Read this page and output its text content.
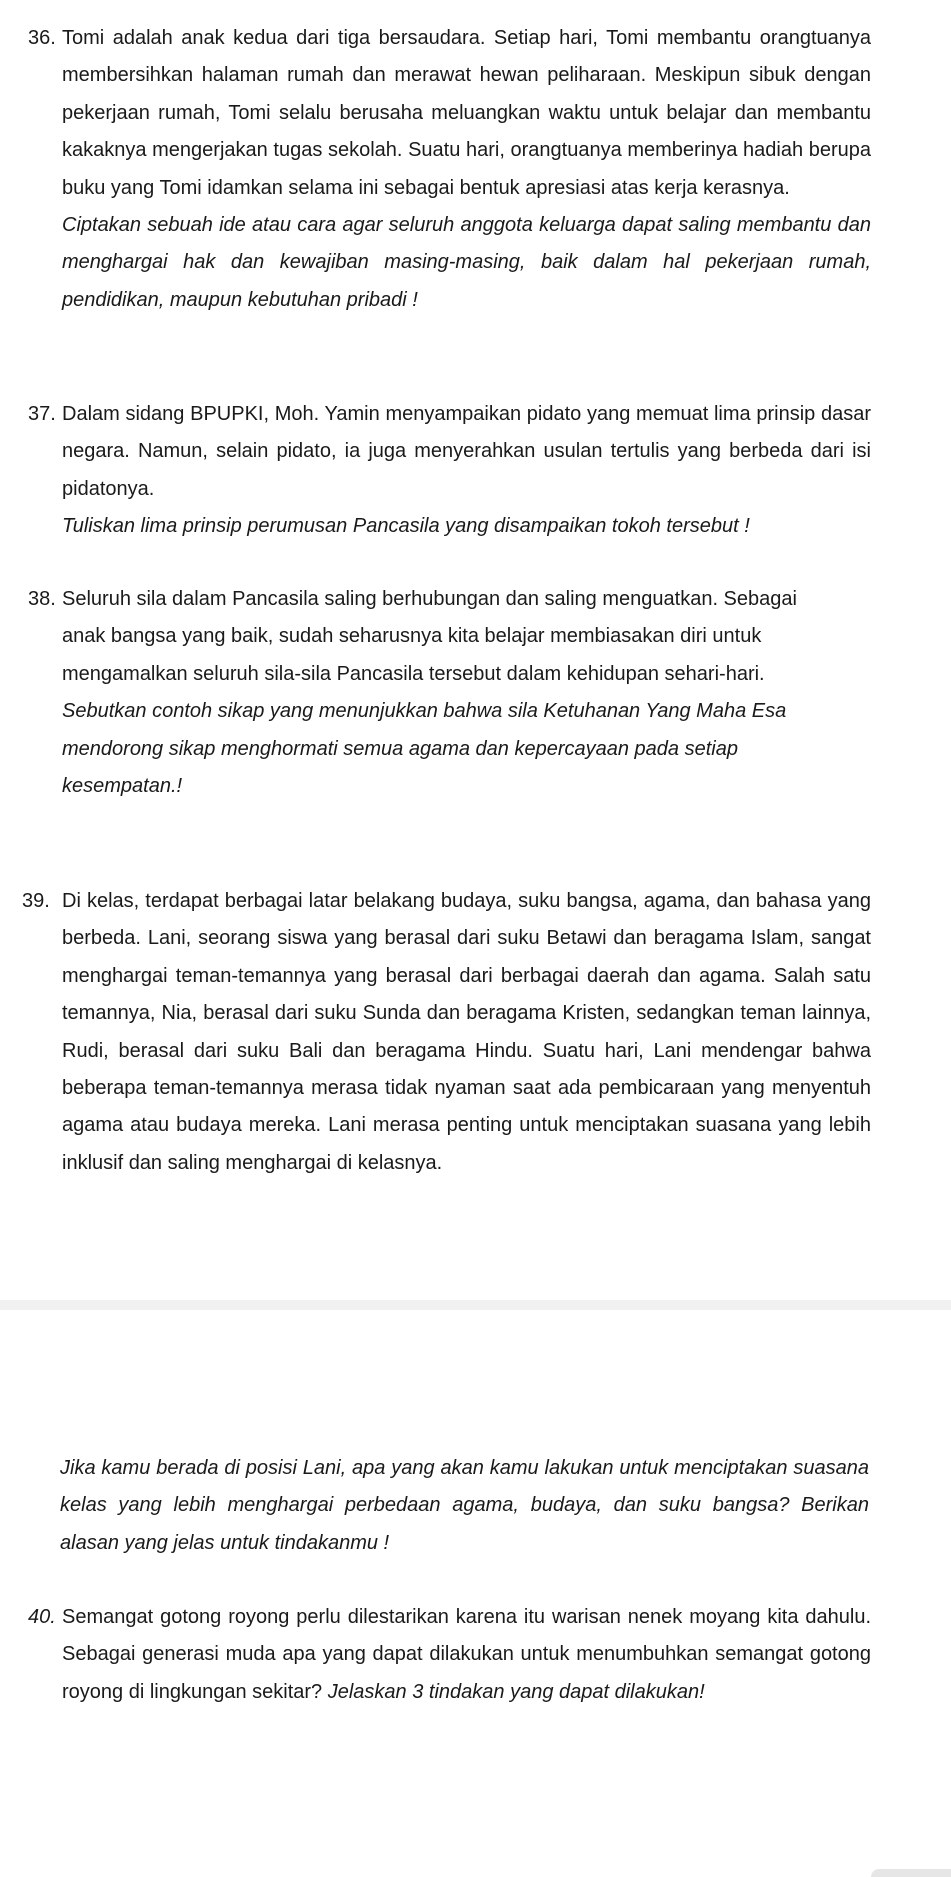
36. Tomi adalah anak kedua dari tiga bersaudara. Setiap hari, Tomi membantu orangtuanya membersihkan halaman rumah dan merawat hewan peliharaan. Meskipun sibuk dengan pekerjaan rumah, Tomi selalu berusaha meluangkan waktu untuk belajar dan membantu kakaknya mengerjakan tugas sekolah. Suatu hari, orangtuanya memberinya hadiah berupa buku yang Tomi idamkan selama ini sebagai bentuk apresiasi atas kerja kerasnya.

Ciptakan sebuah ide atau cara agar seluruh anggota keluarga dapat saling membantu dan menghargai hak dan kewajiban masing-masing, baik dalam hal pekerjaan rumah, pendidikan, maupun kebutuhan pribadi !

37. Dalam sidang BPUPKI, Moh. Yamin menyampaikan pidato yang memuat lima prinsip dasar negara. Namun, selain pidato, ia juga menyerahkan usulan tertulis yang berbeda dari isi pidatonya.

Tuliskan lima prinsip perumusan Pancasila yang disampaikan tokoh tersebut !

38. Seluruh sila dalam Pancasila saling berhubungan dan saling menguatkan. Sebagai anak bangsa yang baik, sudah seharusnya kita belajar membiasakan diri untuk mengamalkan seluruh sila-sila Pancasila tersebut dalam kehidupan sehari-hari.

Sebutkan contoh sikap yang menunjukkan bahwa sila Ketuhanan Yang Maha Esa mendorong sikap menghormati semua agama dan kepercayaan pada setiap kesempatan.!

39. Di kelas, terdapat berbagai latar belakang budaya, suku bangsa, agama, dan bahasa yang berbeda. Lani, seorang siswa yang berasal dari suku Betawi dan beragama Islam, sangat menghargai teman-temannya yang berasal dari berbagai daerah dan agama. Salah satu temannya, Nia, berasal dari suku Sunda dan beragama Kristen, sedangkan teman lainnya, Rudi, berasal dari suku Bali dan beragama Hindu. Suatu hari, Lani mendengar bahwa beberapa teman-temannya merasa tidak nyaman saat ada pembicaraan yang menyentuh agama atau budaya mereka. Lani merasa penting untuk menciptakan suasana yang lebih inklusif dan saling menghargai di kelasnya.

Jika kamu berada di posisi Lani, apa yang akan kamu lakukan untuk menciptakan suasana kelas yang lebih menghargai perbedaan agama, budaya, dan suku bangsa? Berikan alasan yang jelas untuk tindakanmu !

40. Semangat gotong royong perlu dilestarikan karena itu warisan nenek moyang kita dahulu. Sebagai generasi muda apa yang dapat dilakukan untuk menumbuhkan semangat gotong royong di lingkungan sekitar? Jelaskan 3 tindakan yang dapat dilakukan!
